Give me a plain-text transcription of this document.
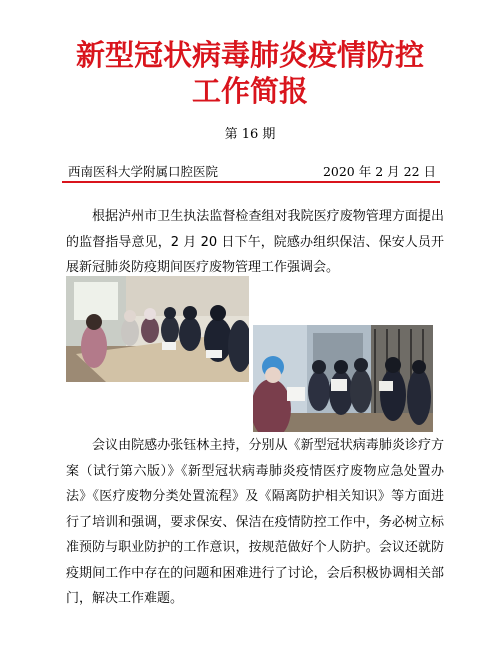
新型冠状病毒肺炎疫情防控
工作简报
第 16 期
西南医科大学附属口腔医院	2020 年 2 月 22 日
根据泸州市卫生执法监督检查组对我院医疗废物管理方面提出的监督指导意见，2 月 20 日下午，院感办组织保洁、保安人员开展新冠肺炎防疫期间医疗废物管理工作强调会。
会议由院感办张钰林主持，分别从《新型冠状病毒肺炎诊疗方案（试行第六版）》《新型冠状病毒肺炎疫情医疗废物应急处置办法》《医疗废物分类处置流程》及《隔离防护相关知识》等方面进行了培训和强调，要求保安、保洁在疫情防控工作中，务必树立标准预防与职业防护的工作意识，按规范做好个人防护。会议还就防疫期间工作中存在的问题和困难进行了讨论，会后积极协调相关部门，解决工作难题。
